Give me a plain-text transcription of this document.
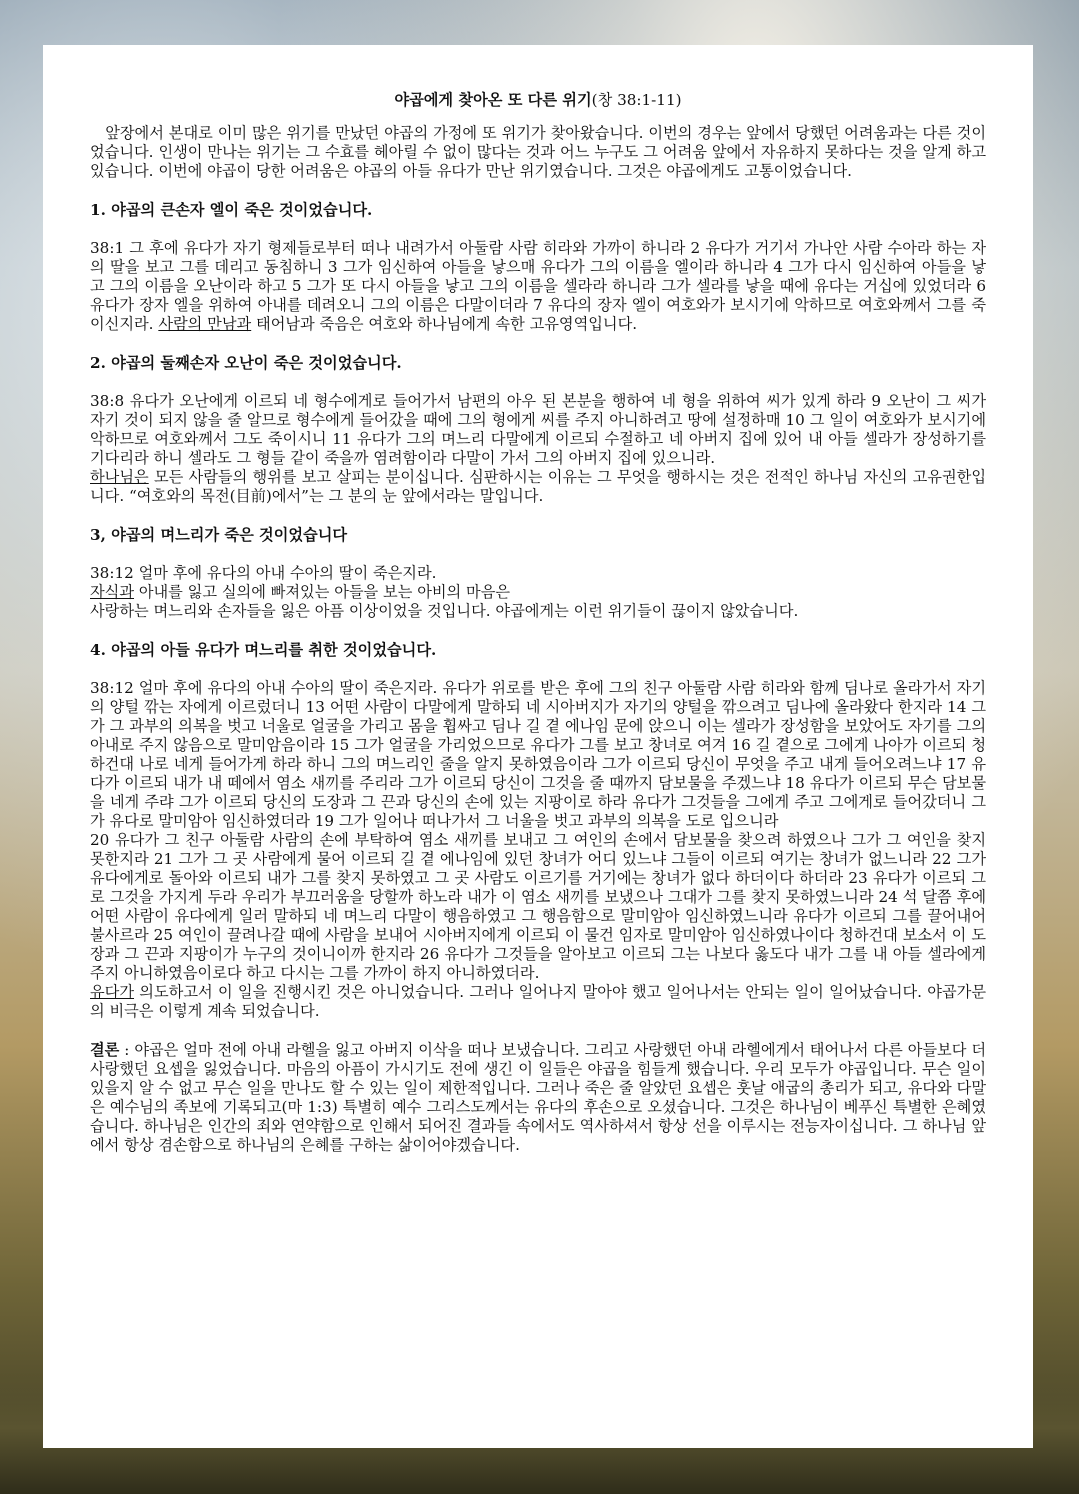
야곱에게 찾아온 또 다른 위기(창 38:1-11)

앞장에서 본대로 이미 많은 위기를 만났던 야곱의 가정에 또 위기가 찾아왔습니다. 이번의 경우는 앞에서 당했던 어려움과는 다른 것이었습니다. 인생이 만나는 위기는 그 수효를 헤아릴 수 없이 많다는 것과 어느 누구도 그 어려움 앞에서 자유하지 못하다는 것을 알게 하고 있습니다. 이번에 야곱이 당한 어려움은 야곱의 아들 유다가 만난 위기였습니다. 그것은 야곱에게도 고통이었습니다.

1. 야곱의 큰손자 엘이 죽은 것이었습니다.

38:1 그 후에 유다가 자기 형제들로부터 떠나 내려가서 아둘람 사람 히라와 가까이 하니라 2 유다가 거기서 가나안 사람 수아라 하는 자의 딸을 보고 그를 데리고 동침하니 3 그가 임신하여 아들을 낳으매 유다가 그의 이름을 엘이라 하니라 4 그가 다시 임신하여 아들을 낳고 그의 이름을 오난이라 하고 5 그가 또 다시 아들을 낳고 그의 이름을 셀라라 하니라 그가 셀라를 낳을 때에 유다는 거십에 있었더라 6 유다가 장자 엘을 위하여 아내를 데려오니 그의 이름은 다말이더라 7 유다의 장자 엘이 여호와가 보시기에 악하므로 여호와께서 그를 죽이신지라. 사람의 만남과 태어남과 죽음은 여호와 하나님에게 속한 고유영역입니다.

2. 야곱의 둘째손자 오난이 죽은 것이었습니다.

38:8 유다가 오난에게 이르되 네 형수에게로 들어가서 남편의 아우 된 본분을 행하여 네 형을 위하여 씨가 있게 하라 9 오난이 그 씨가 자기 것이 되지 않을 줄 알므로 형수에게 들어갔을 때에 그의 형에게 씨를 주지 아니하려고 땅에 설정하매 10 그 일이 여호와가 보시기에 악하므로 여호와께서 그도 죽이시니 11 유다가 그의 며느리 다말에게 이르되 수절하고 네 아버지 집에 있어 내 아들 셀라가 장성하기를 기다리라 하니 셀라도 그 형들 같이 죽을까 염려함이라 다말이 가서 그의 아버지 집에 있으니라.

하나님은 모든 사람들의 행위를 보고 살피는 분이십니다. 심판하시는 이유는 그 무엇을 행하시는 것은 전적인 하나님 자신의 고유권한입니다. “여호와의 목전(目前)에서”는 그 분의 눈 앞에서라는 말입니다.

3, 야곱의 며느리가 죽은 것이었습니다

38:12 얼마 후에 유다의 아내 수아의 딸이 죽은지라.

자식과 아내를 잃고 실의에 빠져있는 아들을 보는 아비의 마음은

사랑하는 며느리와 손자들을 잃은 아픔 이상이었을 것입니다. 야곱에게는 이런 위기들이 끊이지 않았습니다.

4. 야곱의 아들 유다가 며느리를 취한 것이었습니다.

38:12 얼마 후에 유다의 아내 수아의 딸이 죽은지라. 유다가 위로를 받은 후에 그의 친구 아둘람 사람 히라와 함께 딤나로 올라가서 자기의 양털 깎는 자에게 이르렀더니 13 어떤 사람이 다말에게 말하되 네 시아버지가 자기의 양털을 깎으려고 딤나에 올라왔다 한지라 14 그가 그 과부의 의복을 벗고 너울로 얼굴을 가리고 몸을 휩싸고 딤나 길 곁 에나임 문에 앉으니 이는 셀라가 장성함을 보았어도 자기를 그의 아내로 주지 않음으로 말미암음이라 15 그가 얼굴을 가리었으므로 유다가 그를 보고 창녀로 여겨 16 길 곁으로 그에게 나아가 이르되 청하건대 나로 네게 들어가게 하라 하니 그의 며느리인 줄을 알지 못하였음이라 그가 이르되 당신이 무엇을 주고 내게 들어오려느냐 17 유다가 이르되 내가 내 떼에서 염소 새끼를 주리라 그가 이르되 당신이 그것을 줄 때까지 담보물을 주겠느냐 18 유다가 이르되 무슨 담보물을 네게 주랴 그가 이르되 당신의 도장과 그 끈과 당신의 손에 있는 지팡이로 하라 유다가 그것들을 그에게 주고 그에게로 들어갔더니 그가 유다로 말미암아 임신하였더라 19 그가 일어나 떠나가서 그 너울을 벗고 과부의 의복을 도로 입으니라

20 유다가 그 친구 아둘람 사람의 손에 부탁하여 염소 새끼를 보내고 그 여인의 손에서 담보물을 찾으려 하였으나 그가 그 여인을 찾지 못한지라 21 그가 그 곳 사람에게 물어 이르되 길 곁 에나임에 있던 창녀가 어디 있느냐 그들이 이르되 여기는 창녀가 없느니라 22 그가 유다에게로 돌아와 이르되 내가 그를 찾지 못하였고 그 곳 사람도 이르기를 거기에는 창녀가 없다 하더이다 하더라 23 유다가 이르되 그로 그것을 가지게 두라 우리가 부끄러움을 당할까 하노라 내가 이 염소 새끼를 보냈으나 그대가 그를 찾지 못하였느니라 24 석 달쯤 후에 어떤 사람이 유다에게 일러 말하되 네 며느리 다말이 행음하였고 그 행음함으로 말미암아 임신하였느니라 유다가 이르되 그를 끌어내어 불사르라 25 여인이 끌려나갈 때에 사람을 보내어 시아버지에게 이르되 이 물건 임자로 말미암아 임신하였나이다 청하건대 보소서 이 도장과 그 끈과 지팡이가 누구의 것이니이까 한지라 26 유다가 그것들을 알아보고 이르되 그는 나보다 옳도다 내가 그를 내 아들 셀라에게 주지 아니하였음이로다 하고 다시는 그를 가까이 하지 아니하였더라.

유다가 의도하고서 이 일을 진행시킨 것은 아니었습니다. 그러나 일어나지 말아야 했고 일어나서는 안되는 일이 일어났습니다. 야곱가문의 비극은 이렇게 계속 되었습니다.

결론 : 야곱은 얼마 전에 아내 라헬을 잃고 아버지 이삭을 떠나 보냈습니다. 그리고 사랑했던 아내 라헬에게서 태어나서 다른 아들보다 더 사랑했던 요셉을 잃었습니다. 마음의 아픔이 가시기도 전에 생긴 이 일들은 야곱을 힘들게 했습니다. 우리 모두가 야곱입니다. 무슨 일이 있을지 알 수 없고 무슨 일을 만나도 할 수 있는 일이 제한적입니다. 그러나 죽은 줄 알았던 요셉은 훗날 애굽의 총리가 되고, 유다와 다말은 예수님의 족보에 기록되고(마 1:3) 특별히 예수 그리스도께서는 유다의 후손으로 오셨습니다. 그것은 하나님이 베푸신 특별한 은혜였습니다. 하나님은 인간의 죄와 연약함으로 인해서 되어진 결과들 속에서도 역사하셔서 항상 선을 이루시는 전능자이십니다. 그 하나님 앞에서 항상 겸손함으로 하나님의 은혜를 구하는 삶이어야겠습니다.
